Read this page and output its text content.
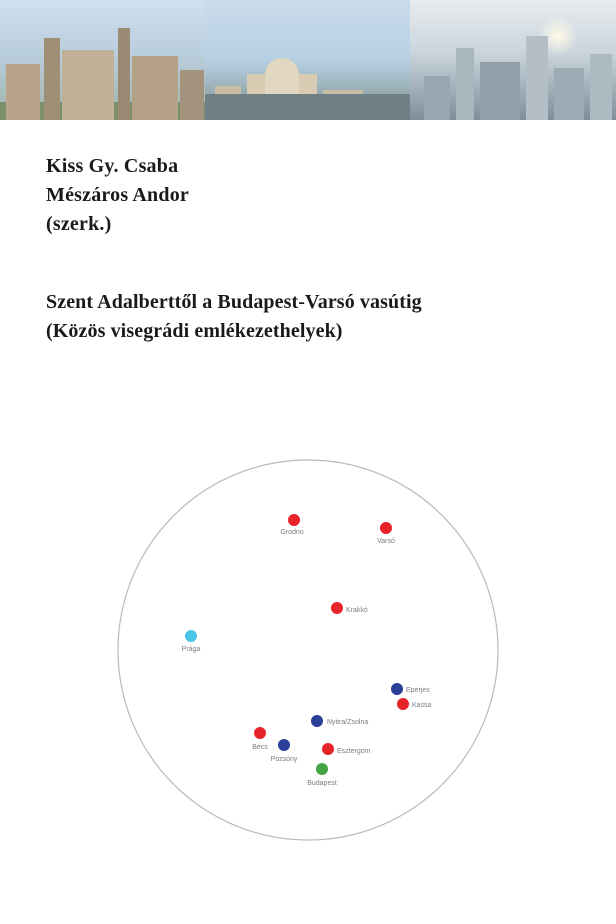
Kiss Gy. Csaba
Mészáros Andor
(szerk.)
Szent Adalberttől a Budapest-Varsó vasútig
(Közös visegrádi emlékezethelyek)
Grodno
Varsó
Krakkó
Prága
Eperjes
Kassa
Nyitra/Zsolna
Bécs
Pozsony
Esztergom
Budapest
